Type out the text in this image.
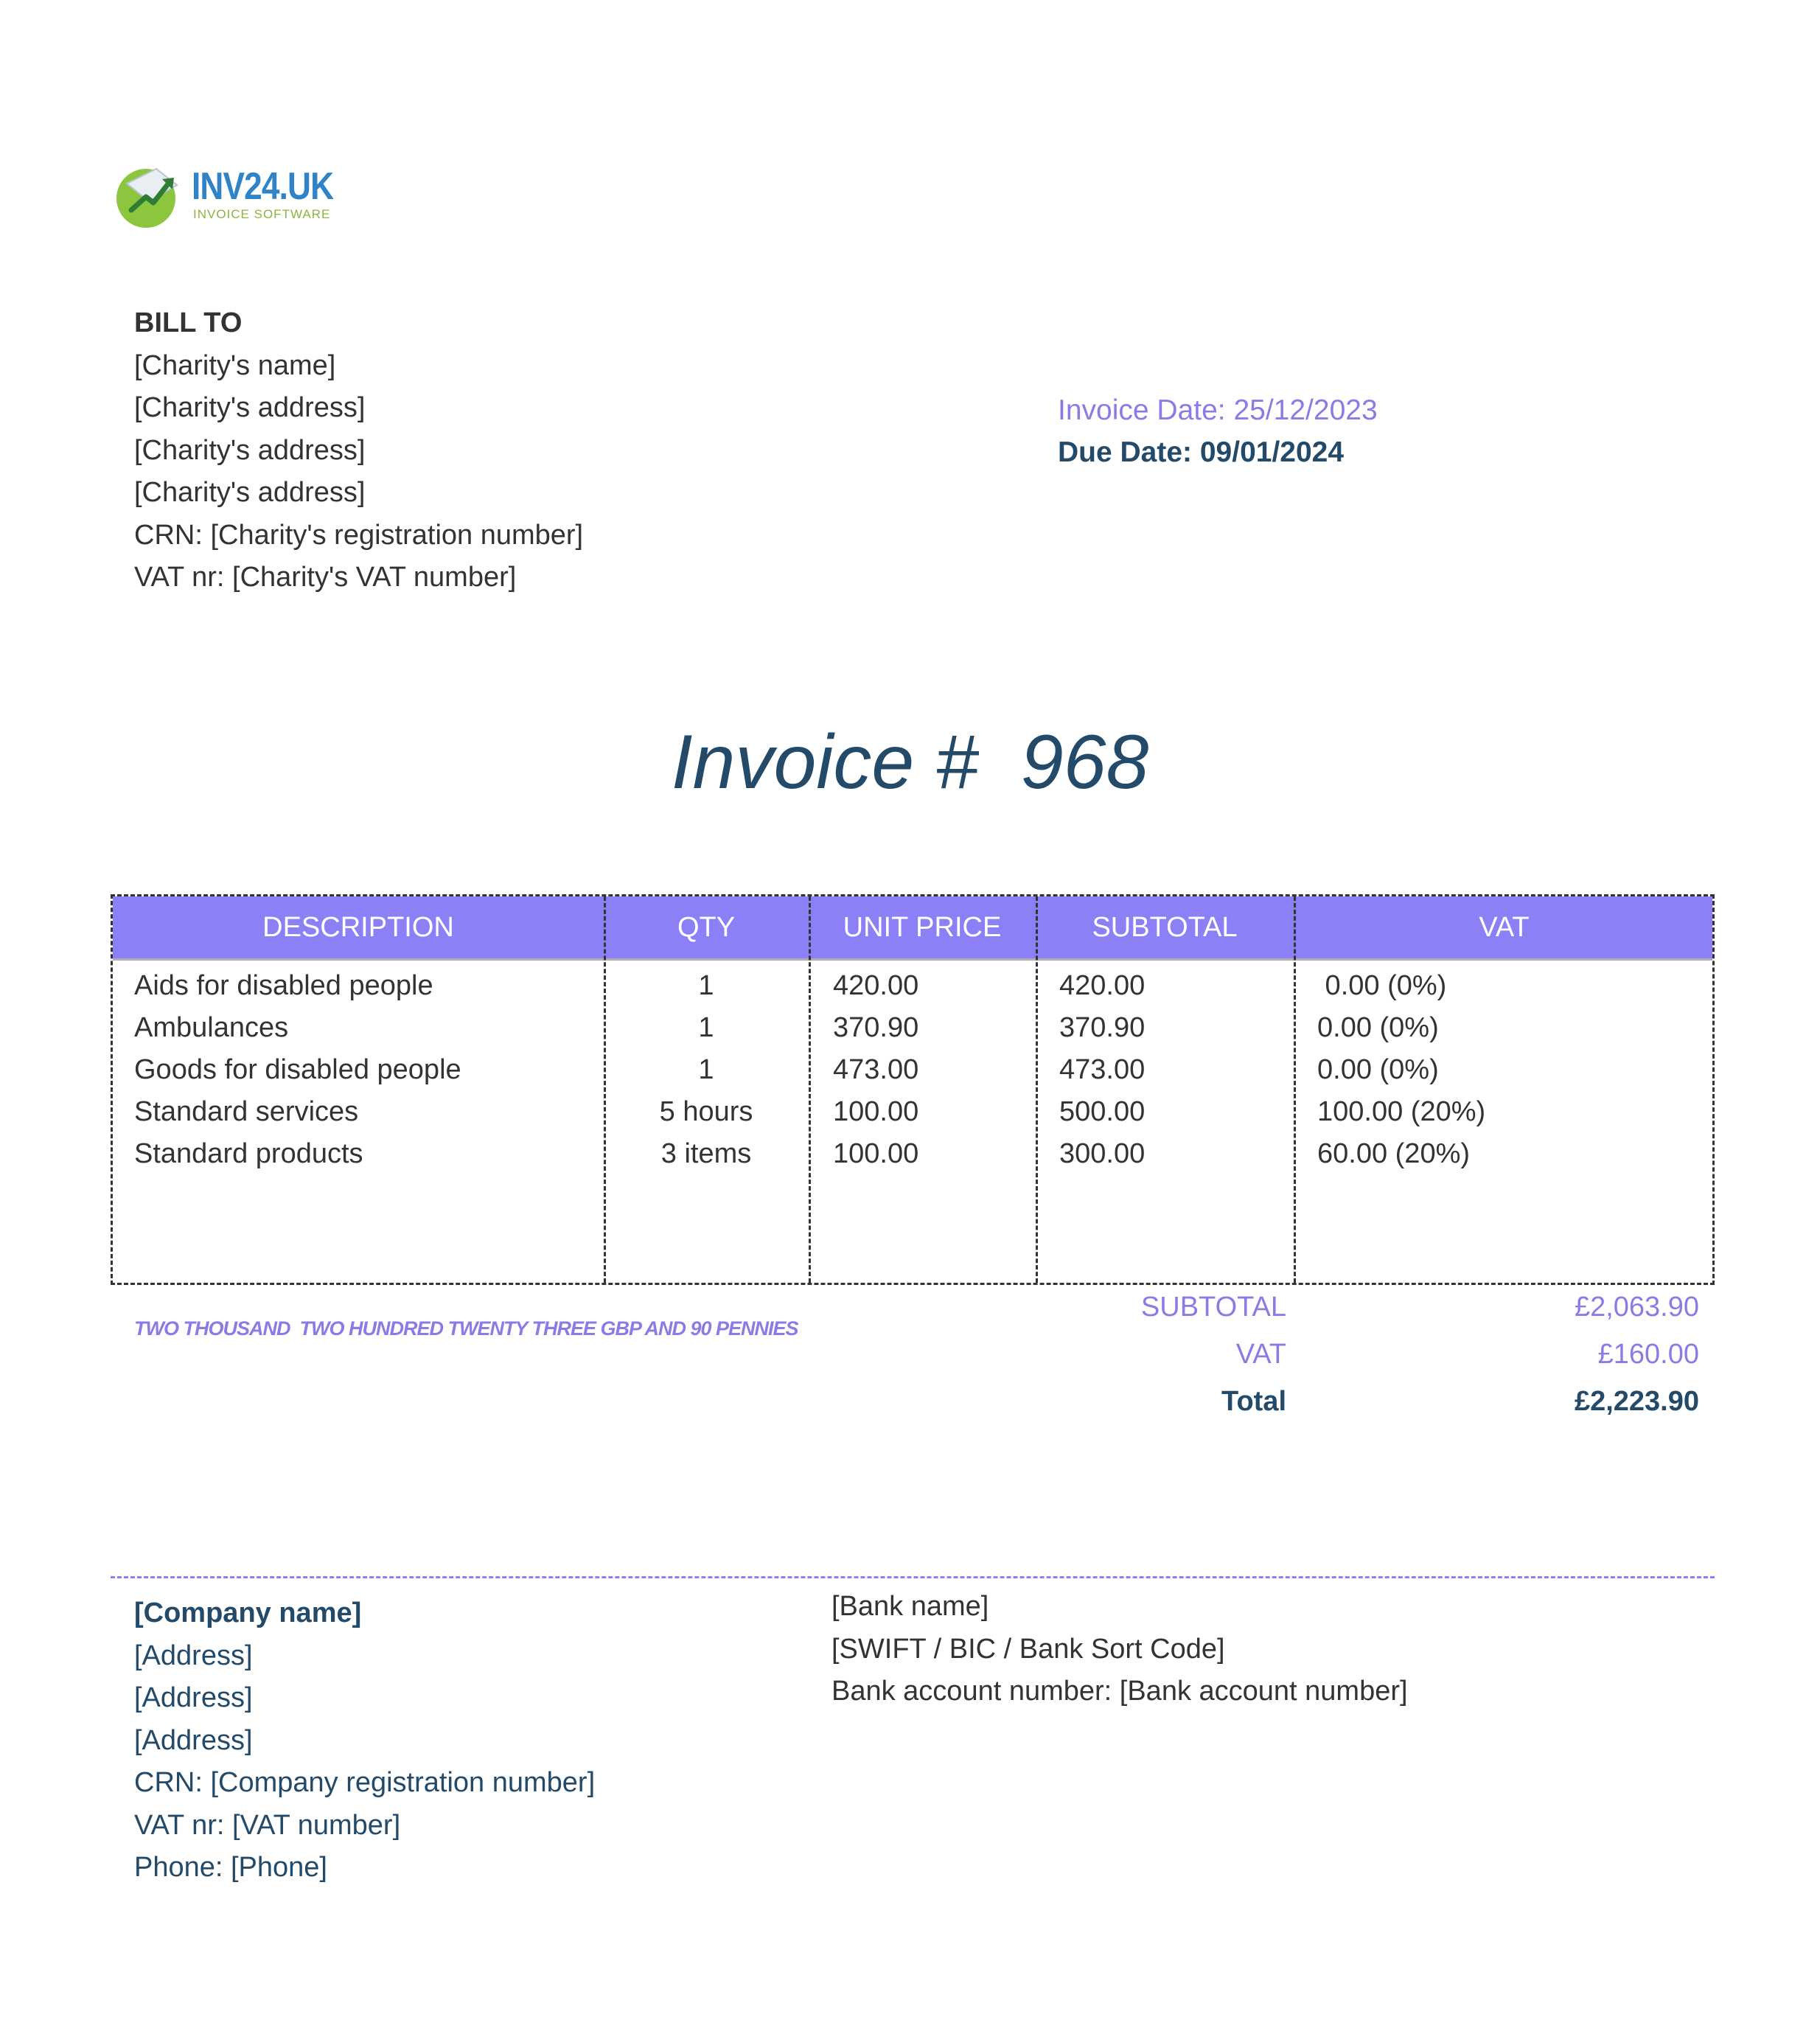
INV24.UK
INVOICE SOFTWARE
BILL TO
[Charity's name]
[Charity's address]
[Charity's address]
[Charity's address]
CRN: [Charity's registration number]
VAT nr: [Charity's VAT number]
Invoice Date: 25/12/2023
Due Date: 09/01/2024
Invoice #  968
DESCRIPTION	QTY	UNIT PRICE	SUBTOTAL	VAT
Aids for disabled people	1	420.00	420.00	0.00 (0%)
Ambulances	1	370.90	370.90	0.00 (0%)
Goods for disabled people	1	473.00	473.00	0.00 (0%)
Standard services	5 hours	100.00	500.00	100.00 (20%)
Standard products	3 items	100.00	300.00	60.00 (20%)
TWO THOUSAND  TWO HUNDRED TWENTY THREE GBP AND 90 PENNIES
SUBTOTAL	£2,063.90
VAT	£160.00
Total	£2,223.90
[Company name]
[Address]
[Address]
[Address]
CRN: [Company registration number]
VAT nr: [VAT number]
Phone: [Phone]
[Bank name]
[SWIFT / BIC / Bank Sort Code]
Bank account number: [Bank account number]
